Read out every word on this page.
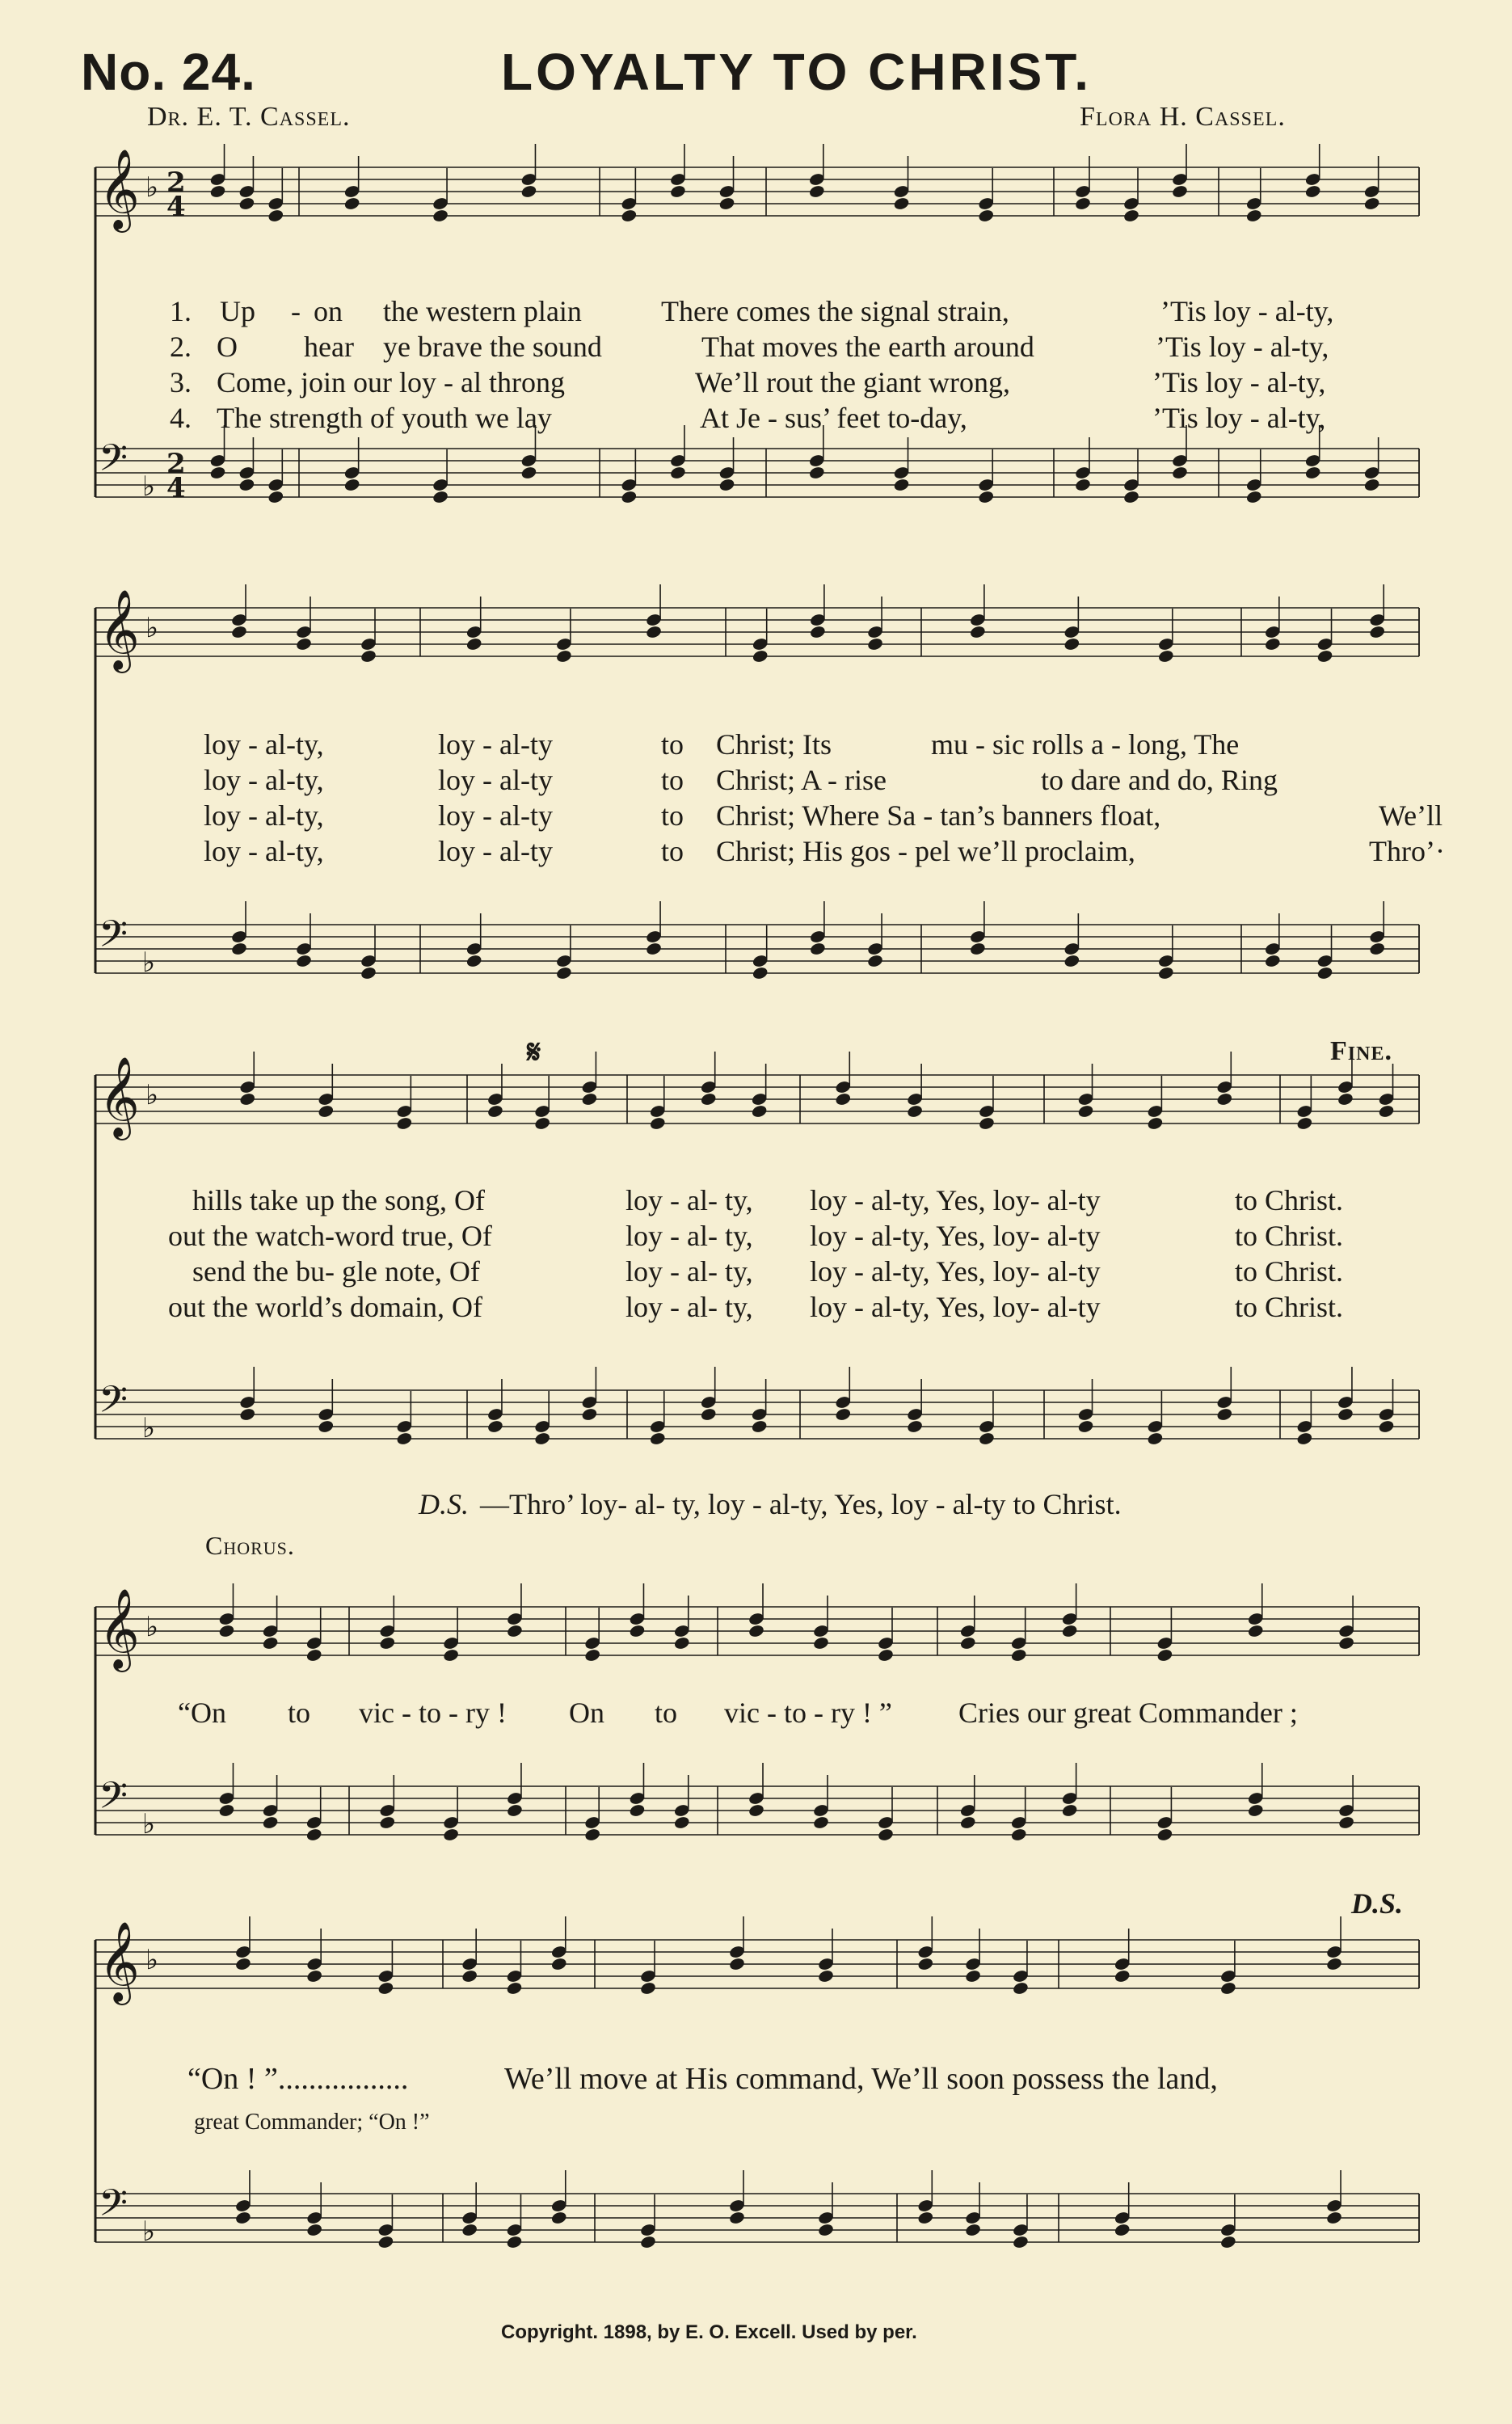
No. 24.	LOYALTY TO CHRIST.
Dr. E. T. Cassel.	Flora H. Cassel.
𝄞 ♭ 2
4
𝄢 ♭
2
4
𝄞 ♭
𝄢 ♭
𝄞 ♭
𝄢 ♭
𝄞 ♭
𝄢 ♭
𝄞 ♭
𝄢 ♭
1. Up - on the western plain	There comes the signal strain,	’Tis loy - al-ty,
2. O hear ye brave the sound	That moves the earth around	’Tis loy - al-ty,
3. Come, join our loy - al throng	We’ll rout the giant wrong,	’Tis loy - al-ty,
4. The strength of youth we lay	At Je - sus’ feet to-day,	’Tis loy - al-ty,
loy - al-ty,	loy - al-ty	to Christ; Its	mu - sic rolls a - long, The
loy - al-ty,	loy - al-ty	to Christ; A - rise	to dare and do, Ring
loy - al-ty,	loy - al-ty	to Christ; Where Sa - tan’s banners float,	We’ll
loy - al-ty,	loy - al-ty	to Christ; His gos - pel we’ll proclaim,	Thro’·
𝄋	Fine.
hills take up the song, Of	loy - al- ty, loy - al-ty, Yes, loy- al-ty	to Christ.
out the watch-word true, Of	loy - al- ty, loy - al-ty, Yes, loy- al-ty	to Christ.
send the bu- gle note, Of	loy - al- ty, loy - al-ty, Yes, loy- al-ty	to Christ.
out the world’s domain, Of	loy - al- ty, loy - al-ty, Yes, loy- al-ty	to Christ.
D.S. —Thro’ loy- al- ty, loy - al-ty, Yes, loy - al-ty to Christ.
Chorus.
“On to vic - to - ry ! On to vic - to - ry ! ” Cries our great Commander ;
D.S.
“On ! ”.................	We’ll move at His command, We’ll soon possess the land,
great Commander; “On !”
Copyright. 1898, by E. O. Excell. Used by per.
